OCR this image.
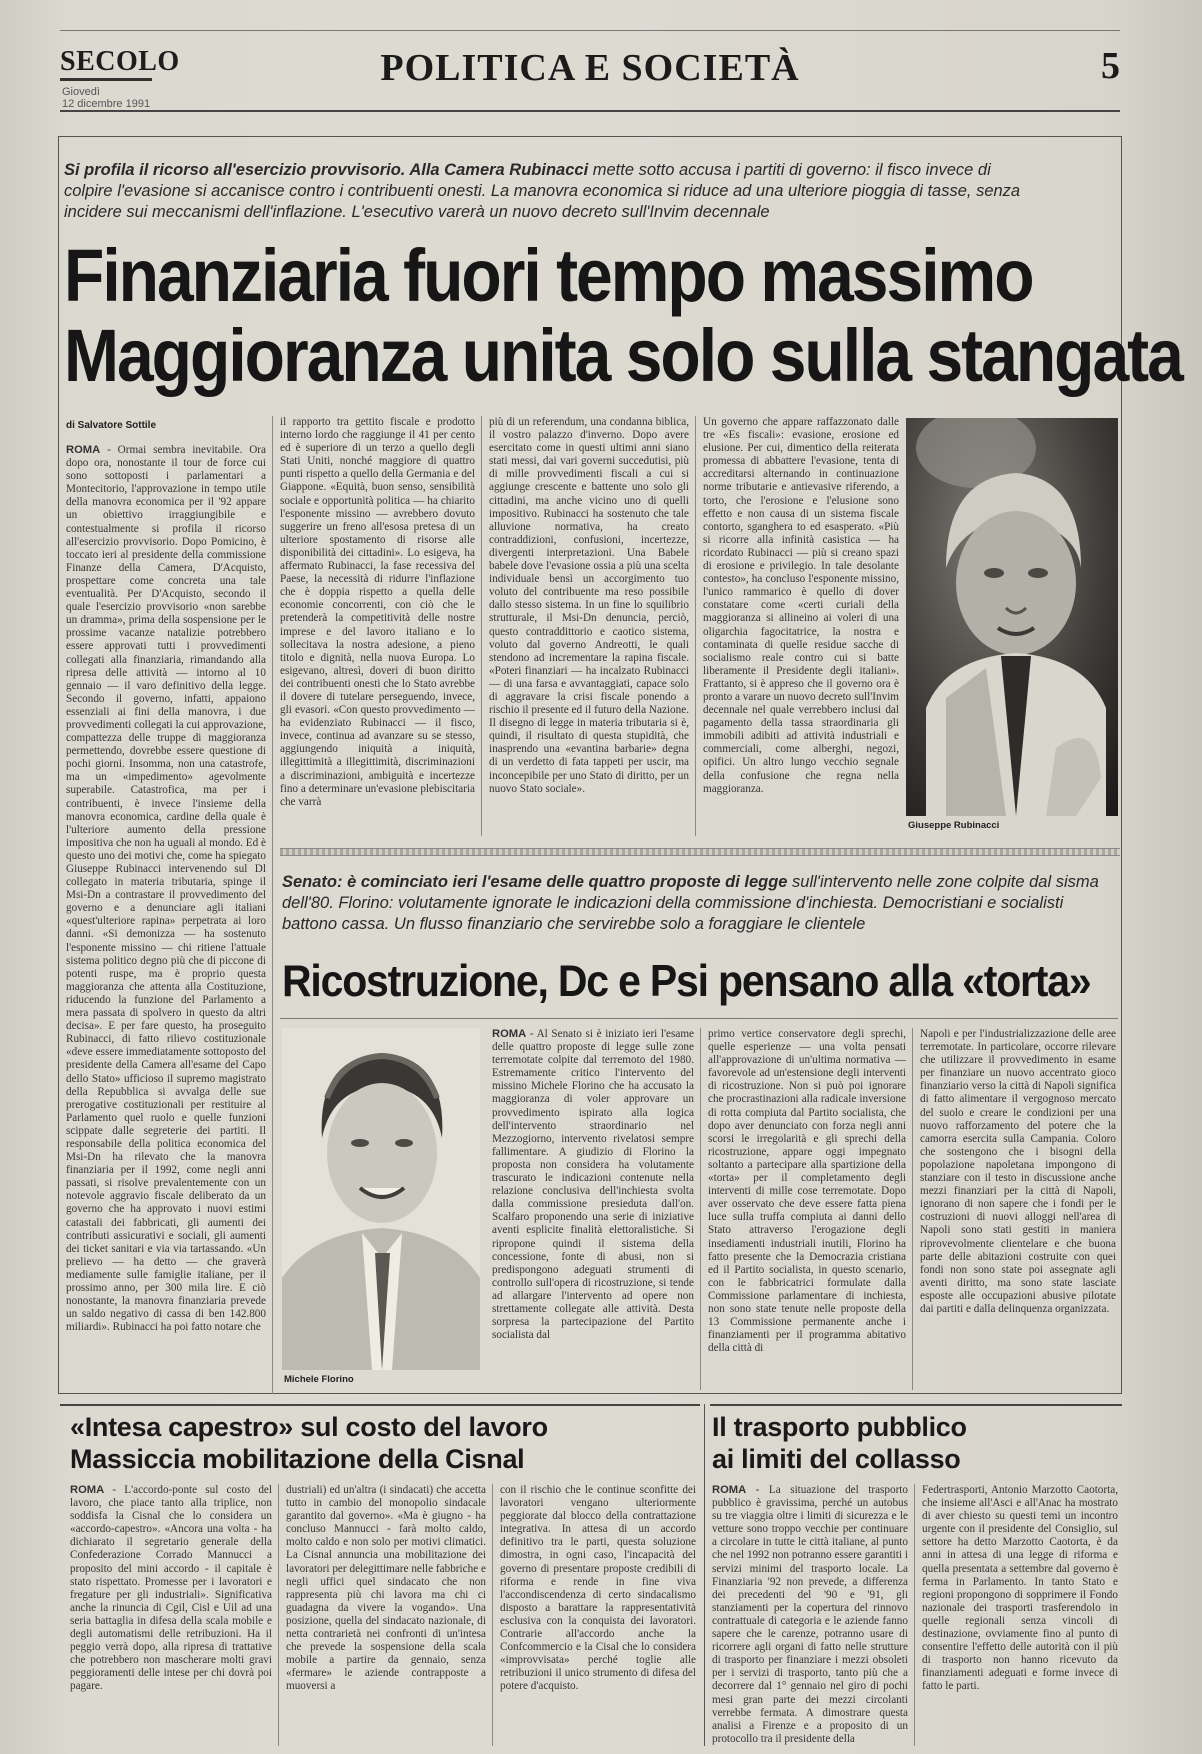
SECOLO
Giovedì
12 dicembre 1991
POLITICA E SOCIETÀ	5
Si profila il ricorso all'esercizio provvisorio. Alla Camera Rubinacci mette sotto accusa i partiti di governo: il fisco invece di colpire l'evasione si accanisce contro i contribuenti onesti. La manovra economica si riduce ad una ulteriore pioggia di tasse, senza incidere sui meccanismi dell'inflazione. L'esecutivo varerà un nuovo decreto sull'Invim decennale
Finanziaria fuori tempo massimo
Maggioranza unita solo sulla stangata
di Salvatore Sottile

ROMA - Ormai sembra inevitabile. Ora dopo ora, nonostante il tour de force cui sono sottoposti i parlamentari a Montecitorio, l'approvazione in tempo utile della manovra economica per il '92 appare un obiettivo irraggiungibile e contestualmente si profila il ricorso all'esercizio provvisorio. Dopo Pomicino, è toccato ieri al presidente della commissione Finanze della Camera, D'Acquisto, prospettare come concreta una tale eventualità. Per D'Acquisto, secondo il quale l'esercizio provvisorio «non sarebbe un dramma», prima della sospensione per le prossime vacanze natalizie potrebbero essere approvati tutti i provvedimenti collegati alla finanziaria, rimandando alla ripresa delle attività — intorno al 10 gennaio — il varo definitivo della legge. Secondo il governo, infatti, appaiono essenziali ai fini della manovra, i due provvedimenti collegati la cui approvazione, compattezza delle truppe di maggioranza permettendo, dovrebbe essere questione di pochi giorni. Insomma, non una catastrofe, ma un «impedimento» agevolmente superabile. Catastrofica, ma per i contribuenti, è invece l'insieme della manovra economica, cardine della quale è l'ulteriore aumento della pressione impositiva che non ha uguali al mondo. Ed è questo uno dei motivi che, come ha spiegato Giuseppe Rubinacci intervenendo sul Dl collegato in materia tributaria, spinge il Msi-Dn a contrastare il provvedimento del governo e a denunciare agli italiani «quest'ulteriore rapina» perpetrata ai loro danni. «Si demonizza — ha sostenuto l'esponente missino — chi ritiene l'attuale sistema politico degno più che di piccone di potenti ruspe, ma è proprio questa maggioranza che attenta alla Costituzione, riducendo la funzione del Parlamento a mera passata di spolvero in questo da altri decisa». E per fare questo, ha proseguito Rubinacci, di fatto rilievo costituzionale «deve essere immediatamente sottoposto del presidente della Camera all'esame del Capo dello Stato» ufficioso il supremo magistrato della Repubblica si avvalga delle sue prerogative costituzionali per restituire al Parlamento quel ruolo e quelle funzioni scippate dalle segreterie dei partiti. Il responsabile della politica economica del Msi-Dn ha rilevato che la manovra finanziaria per il 1992, come negli anni passati, si risolve prevalentemente con un notevole aggravio fiscale deliberato da un governo che ha approvato i nuovi estimi catastali dei fabbricati, gli aumenti dei contributi assicurativi e sociali, gli aumenti dei ticket sanitari e via via tartassando. «Un prelievo — ha detto — che graverà mediamente sulle famiglie italiane, per il prossimo anno, per 300 mila lire. E ciò nonostante, la manovra finanziaria prevede un saldo negativo di cassa di ben 142.800 miliardi». Rubinacci ha poi fatto notare che

il rapporto tra gettito fiscale e prodotto interno lordo che raggiunge il 41 per cento ed è superiore di un terzo a quello degli Stati Uniti, nonché maggiore di quattro punti rispetto a quello della Germania e del Giappone. «Equità, buon senso, sensibilità sociale e opportunità politica — ha chiarito l'esponente missino — avrebbero dovuto suggerire un freno all'esosa pretesa di un ulteriore spostamento di risorse alle disponibilità dei cittadini». Lo esigeva, ha affermato Rubinacci, la fase recessiva del Paese, la necessità di ridurre l'inflazione che è doppia rispetto a quella delle economie concorrenti, con ciò che le pretenderà la competitività delle nostre imprese e del lavoro italiano e lo sollecitava la nostra adesione, a pieno titolo e dignità, nella nuova Europa. Lo esigevano, altresì, doveri di buon diritto dei contribuenti onesti che lo Stato avrebbe il dovere di tutelare perseguendo, invece, gli evasori. «Con questo provvedimento — ha evidenziato Rubinacci — il fisco, invece, continua ad avanzare su se stesso, aggiungendo iniquità a iniquità, illegittimità a illegittimità, discriminazioni a discriminazioni, ambiguità e incertezze fino a determinare un'evasione plebiscitaria che varrà

più di un referendum, una condanna biblica, il vostro palazzo d'inverno. Dopo avere esercitato come in questi ultimi anni siano stati messi, dai vari governi succedutisi, più di mille provvedimenti fiscali a cui si aggiunge crescente e battente uno solo gli cittadini, ma anche vicino uno di quelli impositivo. Rubinacci ha sostenuto che tale alluvione normativa, ha creato contraddizioni, confusioni, incertezze, divergenti interpretazioni. Una Babele babele dove l'evasione ossia a più una scelta individuale bensì un accorgimento tuo voluto del contribuente ma reso possibile dallo stesso sistema. In un fine lo squilibrio strutturale, il Msi-Dn denuncia, perciò, questo contraddittorio e caotico sistema, voluto dal governo Andreotti, le quali stendono ad incrementare la rapina fiscale. «Poteri finanziari — ha incalzato Rubinacci — di una farsa e avvantaggiati, capace solo di aggravare la crisi fiscale ponendo a rischio il presente ed il futuro della Nazione. Il disegno di legge in materia tributaria si è, quindi, il risultato di questa stupidità, che inasprendo una «evantina barbarie» degna di un verdetto di fata tappeti per uscir, ma inconcepibile per uno Stato di diritto, per un nuovo Stato sociale».

Un governo che appare raffazzonato dalle tre «Es fiscali»: evasione, erosione ed elusione. Per cui, dimentico della reiterata promessa di abbattere l'evasione, tenta di accreditarsi alternando in continuazione norme tributarie e antievasive riferendo, a torto, che l'erosione e l'elusione sono effetto e non causa di un sistema fiscale contorto, sganghera to ed esasperato. «Più si ricorre alla infinità casistica — ha ricordato Rubinacci — più si creano spazi di erosione e privilegio. In tale desolante contesto», ha concluso l'esponente missino, l'unico rammarico è quello di dover constatare come «certi curiali della maggioranza si allineino ai voleri di una oligarchia fagocitatrice, la nostra e contaminata di quelle residue sacche di socialismo reale contro cui si batte liberamente il Presidente degli italiani». Frattanto, si è appreso che il governo ora è pronto a varare un nuovo decreto sull'Invim decennale nel quale verrebbero inclusi dal pagamento della tassa straordinaria gli immobili adibiti ad attività industriali e commerciali, come alberghi, negozi, opifici. Un altro lungo vecchio segnale della confusione che regna nella maggioranza.

Giuseppe Rubinacci
Senato: è cominciato ieri l'esame delle quattro proposte di legge sull'intervento nelle zone colpite dal sisma dell'80. Florino: volutamente ignorate le indicazioni della commissione d'inchiesta. Democristiani e socialisti battono cassa. Un flusso finanziario che servirebbe solo a foraggiare le clientele
Ricostruzione, Dc e Psi pensano alla «torta»
Michele Florino

ROMA - Al Senato si è iniziato ieri l'esame delle quattro proposte di legge sulle zone terremotate colpite dal terremoto del 1980. Estremamente critico l'intervento del missino Michele Florino che ha accusato la maggioranza di voler approvare un provvedimento ispirato alla logica dell'intervento straordinario nel Mezzogiorno, intervento rivelatosi sempre fallimentare. A giudizio di Florino la proposta non considera ha volutamente trascurato le indicazioni contenute nella relazione conclusiva dell'inchiesta svolta dalla commissione presieduta dall'on. Scalfaro proponendo una serie di iniziative aventi esplicite finalità elettoralistiche. Si ripropone quindi il sistema della concessione, fonte di abusi, non si predispongono adeguati strumenti di controllo sull'opera di ricostruzione, si tende ad allargare l'intervento ad opere non strettamente collegate alle attività. Desta sorpresa la partecipazione del Partito socialista dal

primo vertice conservatore degli sprechi, quelle esperienze — una volta pensati all'approvazione di un'ultima normativa — favorevole ad un'estensione degli interventi di ricostruzione. Non si può poi ignorare che procrastinazioni alla radicale inversione di rotta compiuta dal Partito socialista, che dopo aver denunciato con forza negli anni scorsi le irregolarità e gli sprechi della ricostruzione, appare oggi impegnato soltanto a partecipare alla spartizione della «torta» per il completamento degli interventi di mille cose terremotate. Dopo aver osservato che deve essere fatta piena luce sulla truffa compiuta ai danni dello Stato attraverso l'erogazione degli insediamenti industriali inutili, Florino ha fatto presente che la Democrazia cristiana ed il Partito socialista, in questo scenario, con le fabbricatrici formulate dalla Commissione parlamentare di inchiesta, non sono state tenute nelle proposte della 13 Commissione permanente anche i finanziamenti per il programma abitativo della città di

Napoli e per l'industrializzazione delle aree terremotate. In particolare, occorre rilevare che utilizzare il provvedimento in esame per finanziare un nuovo accentrato gioco finanziario verso la città di Napoli significa di fatto alimentare il vergognoso mercato del suolo e creare le condizioni per una nuovo rafforzamento del potere che la camorra esercita sulla Campania. Coloro che sostengono che i bisogni della popolazione napoletana impongono di stanziare con il testo in discussione anche mezzi finanziari per la città di Napoli, ignorano di non sapere che i fondi per le costruzioni di nuovi alloggi nell'area di Napoli sono stati gestiti in maniera riprovevolmente clientelare e che buona parte delle abitazioni costruite con quei fondi non sono state poi assegnate agli aventi diritto, ma sono state lasciate esposte alle occupazioni abusive pilotate dai partiti e dalla delinquenza organizzata.

«Intesa capestro» sul costo del lavoro
Massiccia mobilitazione della Cisnal

ROMA - L'accordo-ponte sul costo del lavoro, che piace tanto alla triplice, non soddisfa la Cisnal che lo considera un «accordo-capestro». «Ancora una volta - ha dichiarato il segretario generale della Confederazione Corrado Mannucci a proposito del mini accordo - il capitale è stato rispettato. Promesse per i lavoratori e fregature per gli industriali». Significativa anche la rinuncia di Cgil, Cisl e Uil ad una seria battaglia in difesa della scala mobile e degli automatismi delle retribuzioni. Ha il peggio verrà dopo, alla ripresa di trattative che potrebbero non mascherare molti gravi peggioramenti delle intese per chi dovrà poi pagare.

dustriali) ed un'altra (i sindacati) che accetta tutto in cambio del monopolio sindacale garantito dal governo». «Ma è giugno - ha concluso Mannucci - farà molto caldo, molto caldo e non solo per motivi climatici. La Cisnal annuncia una mobilitazione dei lavoratori per delegittimare nelle fabbriche e negli uffici quel sindacato che non rappresenta più chi lavora ma chi ci guadagna da vivere la vogando». Una posizione, quella del sindacato nazionale, di netta contrarietà nei confronti di un'intesa che prevede la sospensione della scala mobile a partire da gennaio, senza «fermare» le aziende contrapposte a muoversi a

con il rischio che le continue sconfitte dei lavoratori vengano ulteriormente peggiorate dal blocco della contrattazione integrativa. In attesa di un accordo definitivo tra le parti, questa soluzione dimostra, in ogni caso, l'incapacità del governo di presentare proposte credibili di riforma e rende in fine viva l'accondiscendenza di certo sindacalismo disposto a barattare la rappresentatività esclusiva con la conquista dei lavoratori. Contrarie all'accordo anche la Confcommercio e la Cisal che lo considera «improvvisata» perché toglie alle retribuzioni il unico strumento di difesa del potere d'acquisto.

Il trasporto pubblico
ai limiti del collasso

ROMA - La situazione del trasporto pubblico è gravissima, perché un autobus su tre viaggia oltre i limiti di sicurezza e le vetture sono troppo vecchie per continuare a circolare in tutte le città italiane, al punto che nel 1992 non potranno essere garantiti i servizi minimi del trasporto locale. La Finanziaria '92 non prevede, a differenza dei precedenti del '90 e '91, gli stanziamenti per la copertura del rinnovo contrattuale di categoria e le aziende fanno sapere che le carenze, potranno usare di ricorrere agli organi di fatto nelle strutture di trasporto per finanziare i mezzi obsoleti per i servizi di trasporto, tanto più che a decorrere dal 1° gennaio nel giro di pochi mesi gran parte dei mezzi circolanti verrebbe fermata. A dimostrare questa analisi a Firenze e a proposito di un protocollo tra il presidente della

Federtrasporti, Antonio Marzotto Caotorta, che insieme all'Asci e all'Anac ha mostrato di aver chiesto su questi temi un incontro urgente con il presidente del Consiglio, sul settore ha detto Marzotto Caotorta, è da anni in attesa di una legge di riforma e quella presentata a settembre dal governo è ferma in Parlamento. In tanto Stato e regioni propongono di sopprimere il Fondo nazionale dei trasporti trasferendolo in quelle regionali senza vincoli di destinazione, ovviamente fino al punto di consentire l'effetto delle autorità con il più di trasporto non hanno ricevuto da finanziamenti adeguati e forme invece di fatto le parti.
